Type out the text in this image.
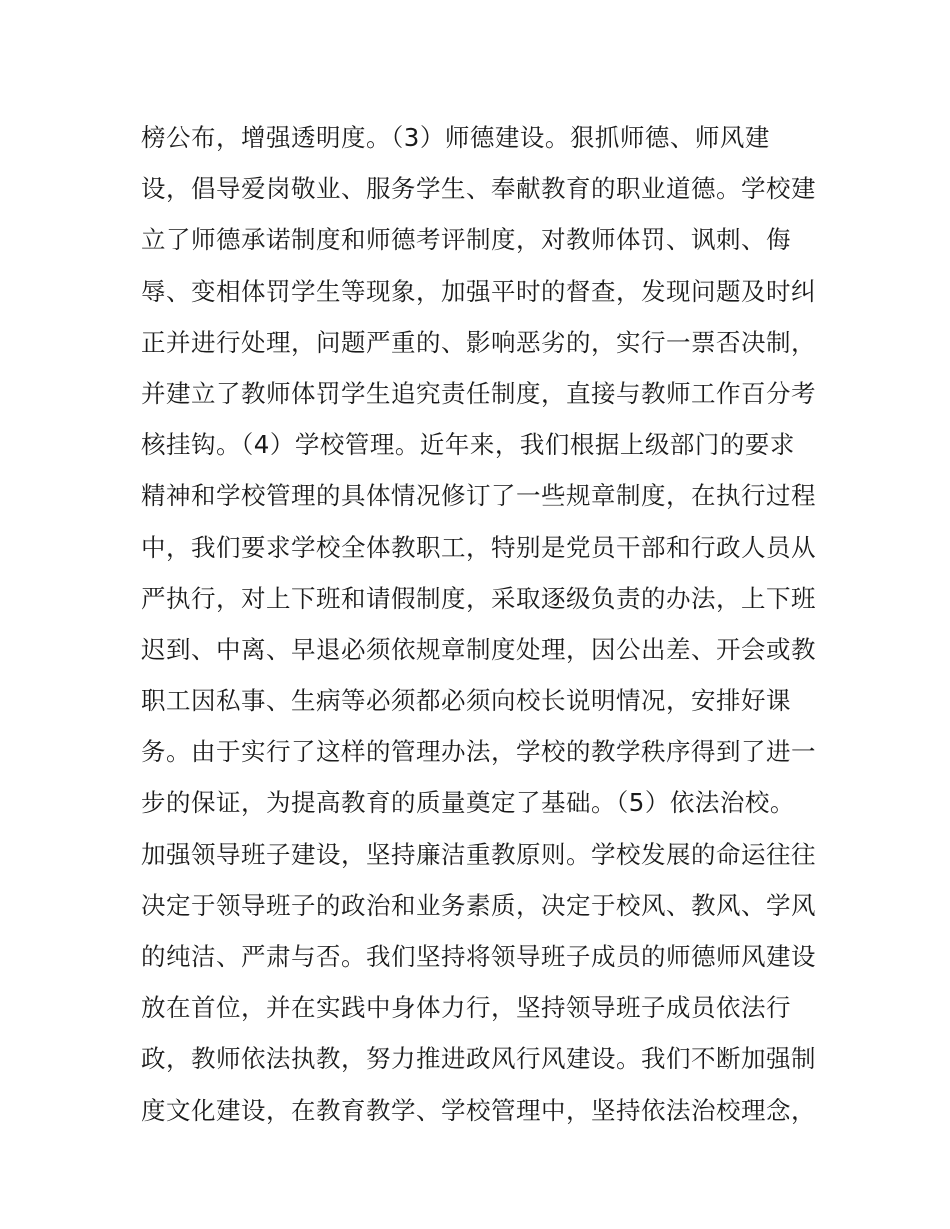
榜公布，增强透明度。（3）师德建设。狠抓师德、师风建
设，倡导爱岗敬业、服务学生、奉献教育的职业道德。学校建
立了师德承诺制度和师德考评制度，对教师体罚、讽刺、侮
辱、变相体罚学生等现象，加强平时的督查，发现问题及时纠
正并进行处理，问题严重的、影响恶劣的，实行一票否决制，
并建立了教师体罚学生追究责任制度，直接与教师工作百分考
核挂钩。（4）学校管理。近年来，我们根据上级部门的要求
精神和学校管理的具体情况修订了一些规章制度，在执行过程
中，我们要求学校全体教职工，特别是党员干部和行政人员从
严执行，对上下班和请假制度，采取逐级负责的办法，上下班
迟到、中离、早退必须依规章制度处理，因公出差、开会或教
职工因私事、生病等必须都必须向校长说明情况，安排好课
务。由于实行了这样的管理办法，学校的教学秩序得到了进一
步的保证，为提高教育的质量奠定了基础。（5）依法治校。
加强领导班子建设，坚持廉洁重教原则。学校发展的命运往往
决定于领导班子的政治和业务素质，决定于校风、教风、学风
的纯洁、严肃与否。我们坚持将领导班子成员的师德师风建设
放在首位，并在实践中身体力行，坚持领导班子成员依法行
政，教师依法执教，努力推进政风行风建设。我们不断加强制
度文化建设，在教育教学、学校管理中，坚持依法治校理念，
